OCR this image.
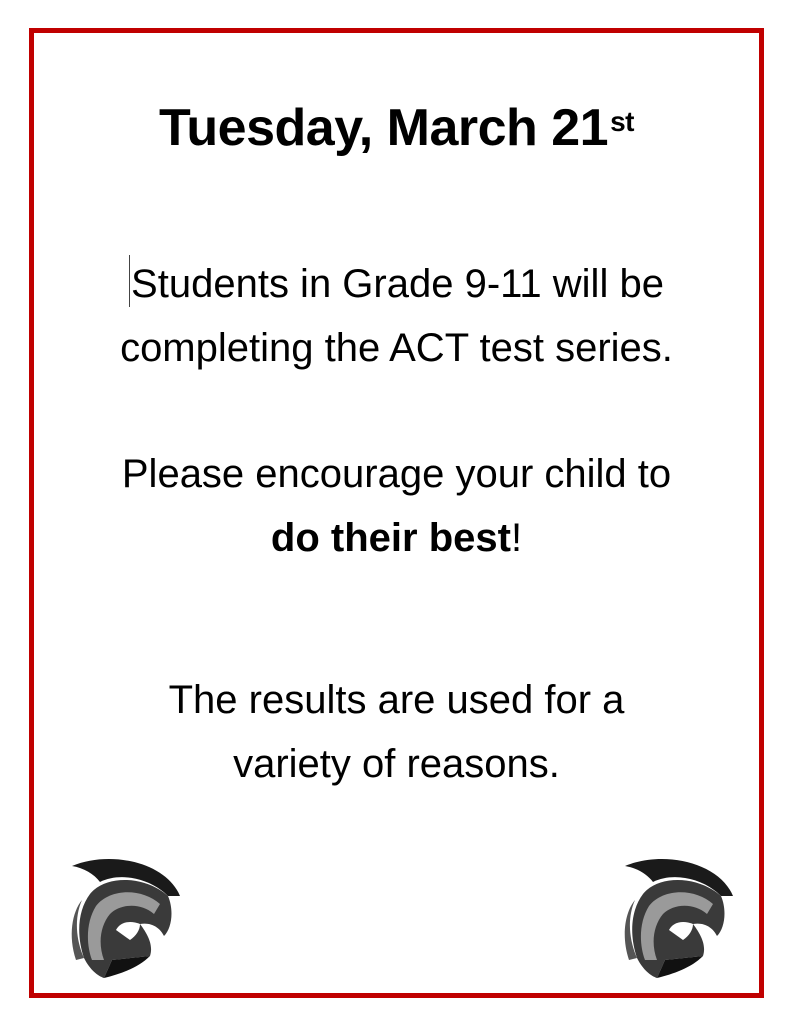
Tuesday, March 21st
Students in Grade 9-11 will be
completing the ACT test series.
Please encourage your child to
do their best!
The results are used for a
variety of reasons.
